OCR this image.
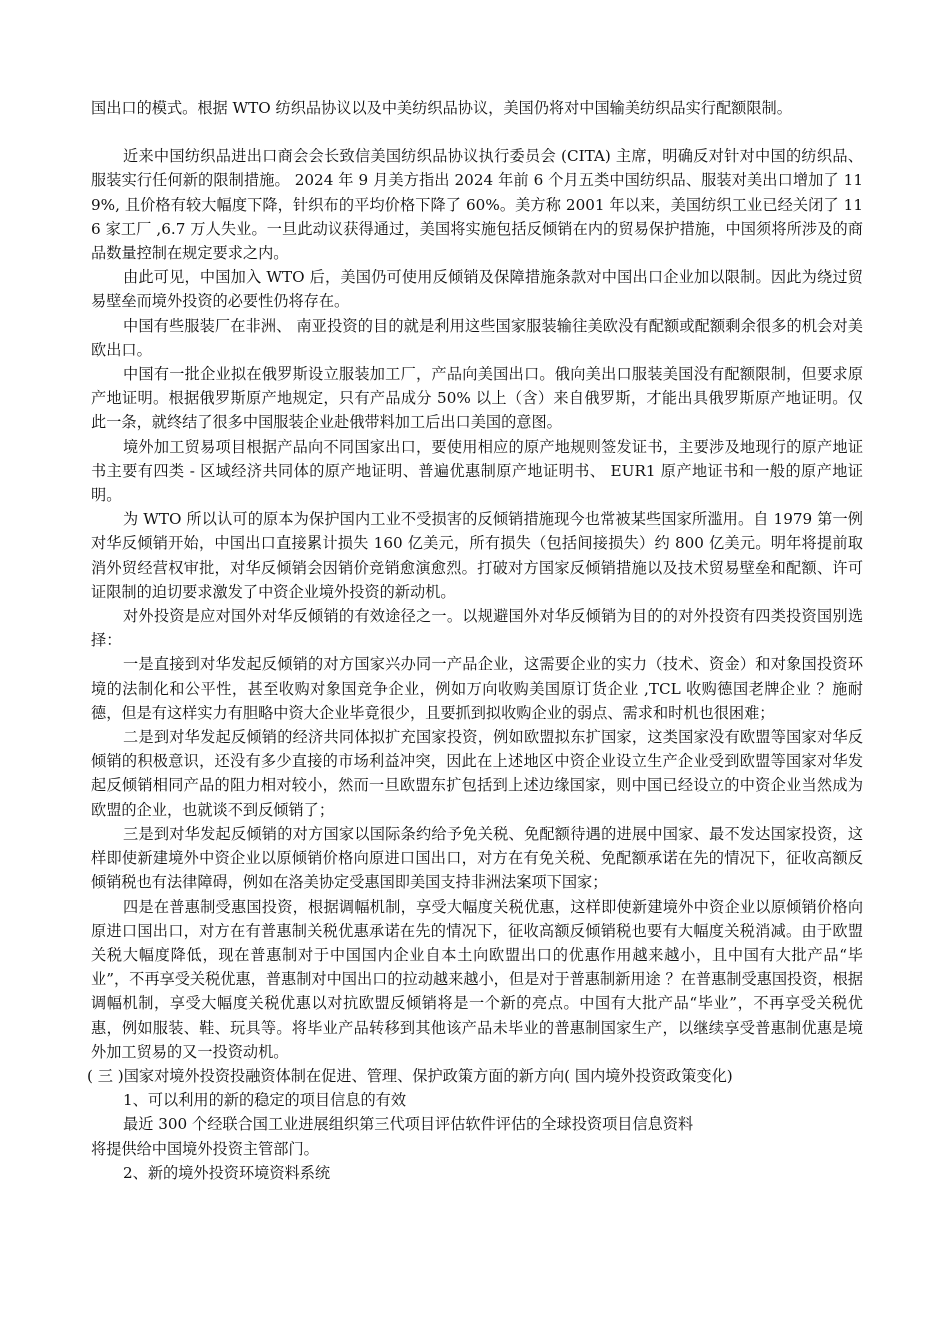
国出口的模式。根据 WTO 纺织品协议以及中美纺织品协议，美国仍将对中国输美纺织品实行配额限制。

近来中国纺织品进出口商会会长致信美国纺织品协议执行委员会 (CITA) 主席，明确反对针对中国的纺织品、服装实行任何新的限制措施。 2024 年 9 月美方指出 2024 年前 6 个月五类中国纺织品、服装对美出口增加了 119%, 且价格有较大幅度下降，针织布的平均价格下降了 60%。美方称 2001 年以来，美国纺织工业已经关闭了 116 家工厂 ,6.7 万人失业。一旦此动议获得通过，美国将实施包括反倾销在内的贸易保护措施，中国须将所涉及的商品数量控制在规定要求之内。

由此可见，中国加入 WTO 后，美国仍可使用反倾销及保障措施条款对中国出口企业加以限制。因此为绕过贸易壁垒而境外投资的必要性仍将存在。

中国有些服装厂在非洲、 南亚投资的目的就是利用这些国家服装输往美欧没有配额或配额剩余很多的机会对美欧出口。

中国有一批企业拟在俄罗斯设立服装加工厂，产品向美国出口。俄向美出口服装美国没有配额限制，但要求原产地证明。根据俄罗斯原产地规定，只有产品成分 50% 以上（含）来自俄罗斯，才能出具俄罗斯原产地证明。仅此一条，就终结了很多中国服装企业赴俄带料加工后出口美国的意图。

境外加工贸易项目根据产品向不同国家出口，要使用相应的原产地规则签发证书，主要涉及地现行的原产地证书主要有四类 - 区域经济共同体的原产地证明、普遍优惠制原产地证明书、 EUR1 原产地证书和一般的原产地证明。

为 WTO 所以认可的原本为保护国内工业不受损害的反倾销措施现今也常被某些国家所滥用。自 1979 第一例对华反倾销开始，中国出口直接累计损失 160 亿美元，所有损失（包括间接损失）约 800 亿美元。明年将提前取消外贸经营权审批，对华反倾销会因销价竞销愈演愈烈。打破对方国家反倾销措施以及技术贸易壁垒和配额、许可证限制的迫切要求激发了中资企业境外投资的新动机。

对外投资是应对国外对华反倾销的有效途径之一。以规避国外对华反倾销为目的的对外投资有四类投资国别选择：

一是直接到对华发起反倾销的对方国家兴办同一产品企业，这需要企业的实力（技术、资金）和对象国投资环境的法制化和公平性，甚至收购对象国竞争企业，例如万向收购美国原订货企业 ,TCL 收购德国老牌企业 ？施耐德，但是有这样实力有胆略中资大企业毕竟很少，且要抓到拟收购企业的弱点、需求和时机也很困难；

二是到对华发起反倾销的经济共同体拟扩充国家投资，例如欧盟拟东扩国家，这类国家没有欧盟等国家对华反倾销的积极意识，还没有多少直接的市场利益冲突，因此在上述地区中资企业设立生产企业受到欧盟等国家对华发起反倾销相同产品的阻力相对较小，然而一旦欧盟东扩包括到上述边缘国家，则中国已经设立的中资企业当然成为欧盟的企业，也就谈不到反倾销了；

三是到对华发起反倾销的对方国家以国际条约给予免关税、免配额待遇的进展中国家、最不发达国家投资，这样即使新建境外中资企业以原倾销价格向原进口国出口，对方在有免关税、免配额承诺在先的情况下，征收高额反倾销税也有法律障碍，例如在洛美协定受惠国即美国支持非洲法案项下国家；

四是在普惠制受惠国投资，根据调幅机制，享受大幅度关税优惠，这样即使新建境外中资企业以原倾销价格向原进口国出口，对方在有普惠制关税优惠承诺在先的情况下，征收高额反倾销税也要有大幅度关税消减。由于欧盟关税大幅度降低，现在普惠制对于中国国内企业自本土向欧盟出口的优惠作用越来越小，且中国有大批产品“毕业”，不再享受关税优惠，普惠制对中国出口的拉动越来越小，但是对于普惠制新用途 ？在普惠制受惠国投资，根据调幅机制，享受大幅度关税优惠以对抗欧盟反倾销将是一个新的亮点。中国有大批产品“毕业”，不再享受关税优惠，例如服装、鞋、玩具等。将毕业产品转移到其他该产品未毕业的普惠制国家生产，以继续享受普惠制优惠是境外加工贸易的又一投资动机。

( 三 )国家对境外投资投融资体制在促进、管理、保护政策方面的新方向( 国内境外投资政策变化)

1、可以利用的新的稳定的项目信息的有效

最近 300 个经联合国工业进展组织第三代项目评估软件评估的全球投资项目信息资料

将提供给中国境外投资主管部门。

2、新的境外投资环境资料系统
